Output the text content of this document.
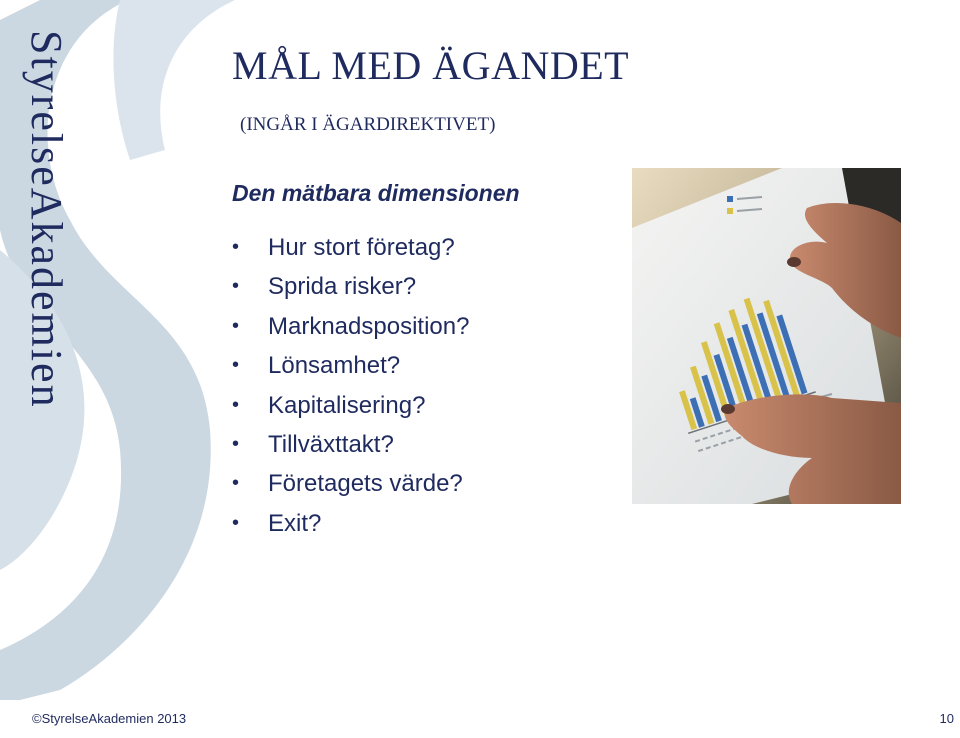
StyrelseAkademien	MÅL MED ÄGANDET

(INGÅR I ÄGARDIREKTIVET)

Den mätbara dimensionen
• Hur stort företag?
• Sprida risker?
• Marknadsposition?
• Lönsamhet?
• Kapitalisering?
• Tillväxttakt?
• Företagets värde?
• Exit?
©StyrelseAkademien 2013	10
